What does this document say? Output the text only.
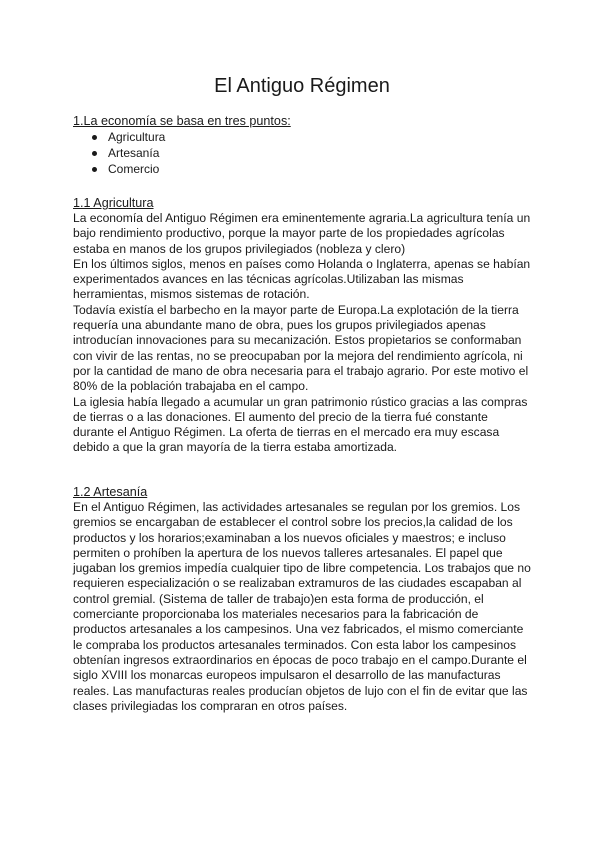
El Antiguo Régimen
1.La economía se basa en tres puntos:
Agricultura
Artesanía
Comercio
1.1 Agricultura

La economía del Antiguo Régimen era eminentemente agraria.La agricultura tenía un bajo rendimiento productivo, porque la mayor parte de los propiedades agrícolas estaba en manos de los grupos privilegiados (nobleza y clero)

En los últimos siglos, menos en países como Holanda o Inglaterra, apenas se habían experimentados avances en las técnicas agrícolas.Utilizaban las mismas herramientas, mismos sistemas de rotación.

Todavía existía el barbecho en la mayor parte de Europa.La explotación de la tierra requería una abundante mano de obra, pues los grupos privilegiados apenas introducían innovaciones para su mecanización. Estos propietarios se conformaban con vivir de las rentas, no se preocupaban por la mejora del rendimiento agrícola, ni por la cantidad de mano de obra necesaria para el trabajo agrario. Por este motivo el 80% de la población trabajaba en el campo.

La iglesia había llegado a acumular un gran patrimonio rústico gracias a las compras de tierras o a las donaciones. El aumento del precio de la tierra fué constante durante el Antiguo Régimen. La oferta de tierras en el mercado era muy escasa debido a que la gran mayoría de la tierra estaba amortizada.

1.2 Artesanía

En el Antiguo Régimen, las actividades artesanales se regulan por los gremios. Los gremios se encargaban de establecer el control sobre los precios,la calidad de los productos y los horarios;examinaban a los nuevos oficiales y maestros; e incluso permiten o prohíben la apertura de los nuevos talleres artesanales. El papel que jugaban los gremios impedía cualquier tipo de libre competencia. Los trabajos que no requieren especialización o se realizaban extramuros de las ciudades escapaban al control gremial. (Sistema de taller de trabajo)en esta forma de producción, el comerciante proporcionaba los materiales necesarios para la fabricación de productos artesanales a los campesinos. Una vez fabricados, el mismo comerciante le compraba los productos artesanales terminados. Con esta labor los campesinos obtenían ingresos extraordinarios en épocas de poco trabajo en el campo.Durante el siglo XVIII los monarcas europeos impulsaron el desarrollo de las manufacturas reales. Las manufacturas reales producían objetos de lujo con el fin de evitar que las clases privilegiadas los compraran en otros países.
